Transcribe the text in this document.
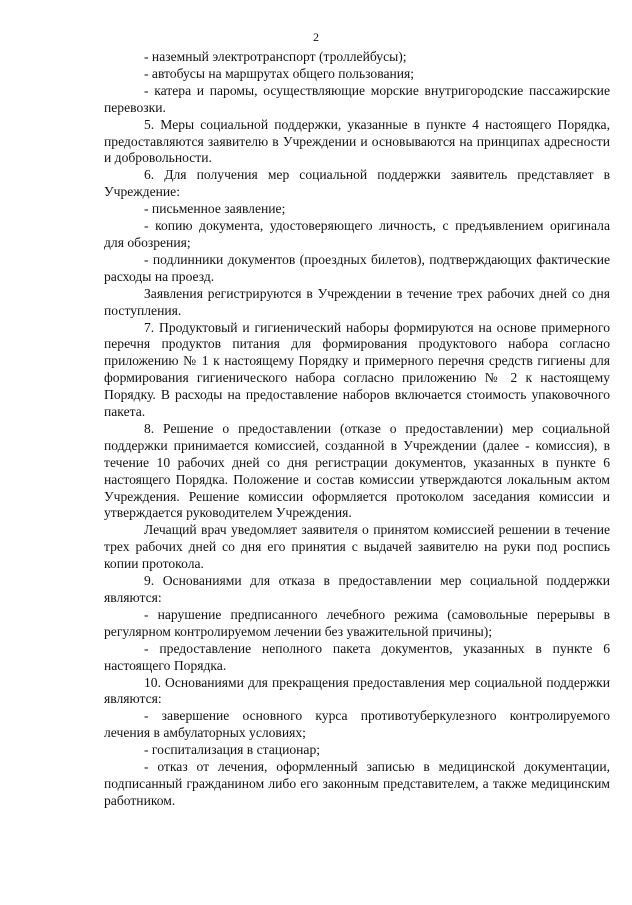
2

- наземный электротранспорт (троллейбусы);

- автобусы на маршрутах общего пользования;

- катера и паромы, осуществляющие морские внутригородские пассажирские перевозки.

5. Меры социальной поддержки, указанные в пункте 4 настоящего Порядка, предоставляются заявителю в Учреждении и основываются на принципах адресности и добровольности.

6. Для получения мер социальной поддержки заявитель представляет в Учреждение:

- письменное заявление;

- копию документа, удостоверяющего личность, с предъявлением оригинала для обозрения;

- подлинники документов (проездных билетов), подтверждающих фактические расходы на проезд.

Заявления регистрируются в Учреждении в течение трех рабочих дней со дня поступления.

7. Продуктовый и гигиенический наборы формируются на основе примерного перечня продуктов питания для формирования продуктового набора согласно приложению № 1 к настоящему Порядку и примерного перечня средств гигиены для формирования гигиенического набора согласно приложению № 2 к настоящему Порядку. В расходы на предоставление наборов включается стоимость упаковочного пакета.

8. Решение о предоставлении (отказе о предоставлении) мер социальной поддержки принимается комиссией, созданной в Учреждении (далее - комиссия), в течение 10 рабочих дней со дня регистрации документов, указанных в пункте 6 настоящего Порядка. Положение и состав комиссии утверждаются локальным актом Учреждения. Решение комиссии оформляется протоколом заседания комиссии и утверждается руководителем Учреждения.

Лечащий врач уведомляет заявителя о принятом комиссией решении в течение трех рабочих дней со дня его принятия с выдачей заявителю на руки под роспись копии протокола.

9. Основаниями для отказа в предоставлении мер социальной поддержки являются:

- нарушение предписанного лечебного режима (самовольные перерывы в регулярном контролируемом лечении без уважительной причины);

- предоставление неполного пакета документов, указанных в пункте 6 настоящего Порядка.

10. Основаниями для прекращения предоставления мер социальной поддержки являются:

- завершение основного курса противотуберкулезного контролируемого лечения в амбулаторных условиях;

- госпитализация в стационар;

- отказ от лечения, оформленный записью в медицинской документации, подписанный гражданином либо его законным представителем, а также медицинским работником.
